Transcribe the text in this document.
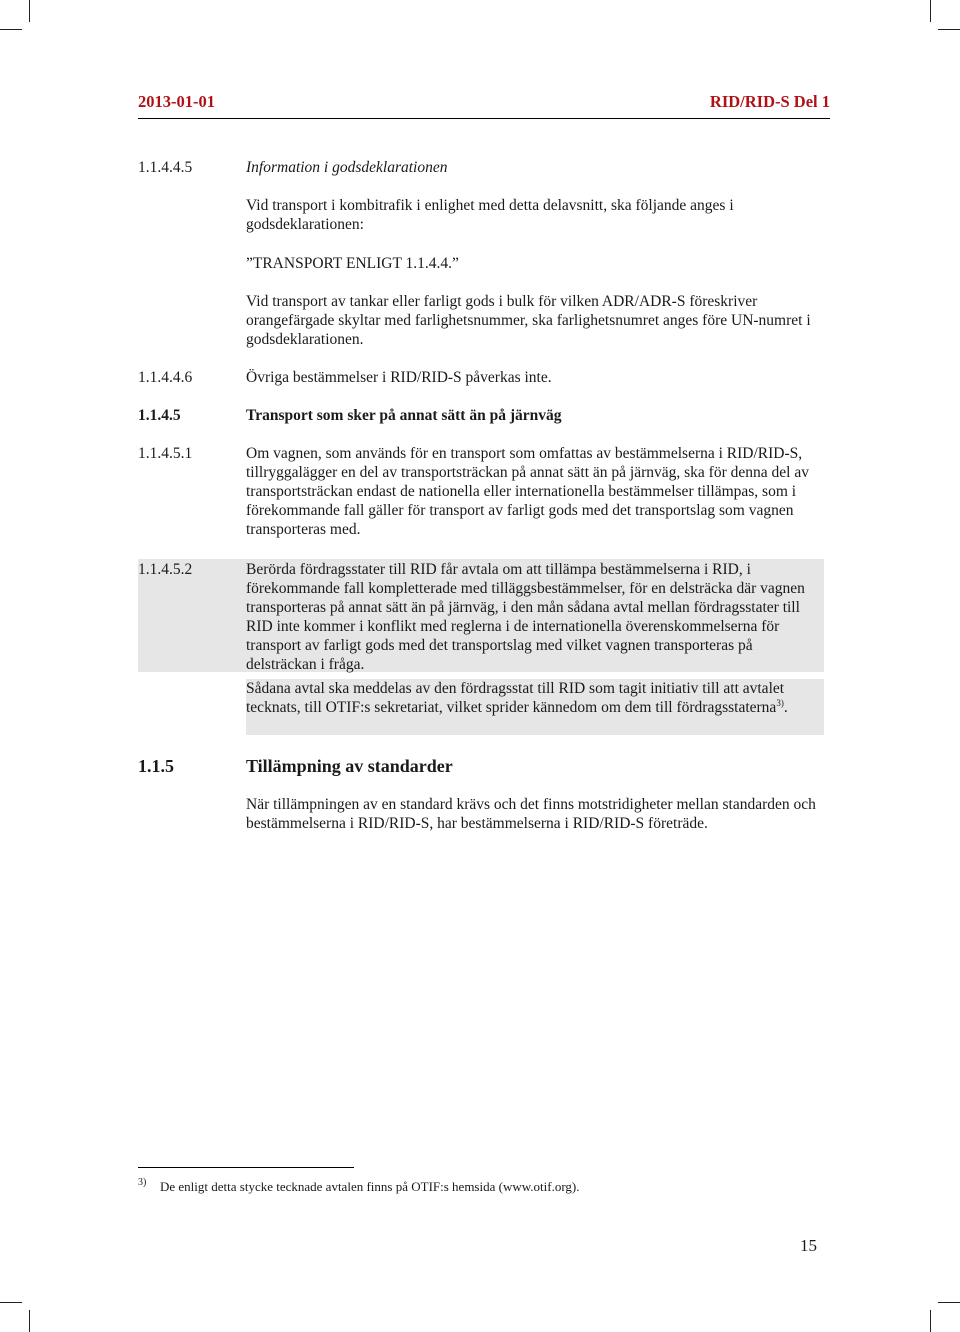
2013-01-01	RID/RID-S Del 1
1.1.4.4.5	Information i godsdeklarationen
Vid transport i kombitrafik i enlighet med detta delavsnitt, ska följande anges i godsdeklarationen:
”TRANSPORT ENLIGT 1.1.4.4.”
Vid transport av tankar eller farligt gods i bulk för vilken ADR/ADR-S föreskriver orangefärgade skyltar med farlighetsnummer, ska farlighetsnumret anges före UN-numret i godsdeklarationen.
1.1.4.4.6	Övriga bestämmelser i RID/RID-S påverkas inte.
1.1.4.5	Transport som sker på annat sätt än på järnväg
1.1.4.5.1	Om vagnen, som används för en transport som omfattas av bestämmelserna i RID/RID-S, tillryggalägger en del av transportsträckan på annat sätt än på järnväg, ska för denna del av transportsträckan endast de nationella eller internationella bestämmelser tillämpas, som i förekommande fall gäller för transport av farligt gods med det transportslag som vagnen transporteras med.
1.1.4.5.2	Berörda fördragsstater till RID får avtala om att tillämpa bestämmelserna i RID, i förekommande fall kompletterade med tilläggsbestämmelser, för en delsträcka där vagnen transporteras på annat sätt än på järnväg, i den mån sådana avtal mellan fördragsstater till RID inte kommer i konflikt med reglerna i de internationella överenskommelserna för transport av farligt gods med det transportslag med vilket vagnen transporteras på delsträckan i fråga.
Sådana avtal ska meddelas av den fördragsstat till RID som tagit initiativ till att avtalet tecknats, till OTIF:s sekretariat, vilket sprider kännedom om dem till fördragsstaterna$^{3)}$.
1.1.5	Tillämpning av standarder
När tillämpningen av en standard krävs och det finns motstridigheter mellan standarden och bestämmelserna i RID/RID-S, har bestämmelserna i RID/RID-S företräde.
3) De enligt detta stycke tecknade avtalen finns på OTIF:s hemsida (www.otif.org).
15
